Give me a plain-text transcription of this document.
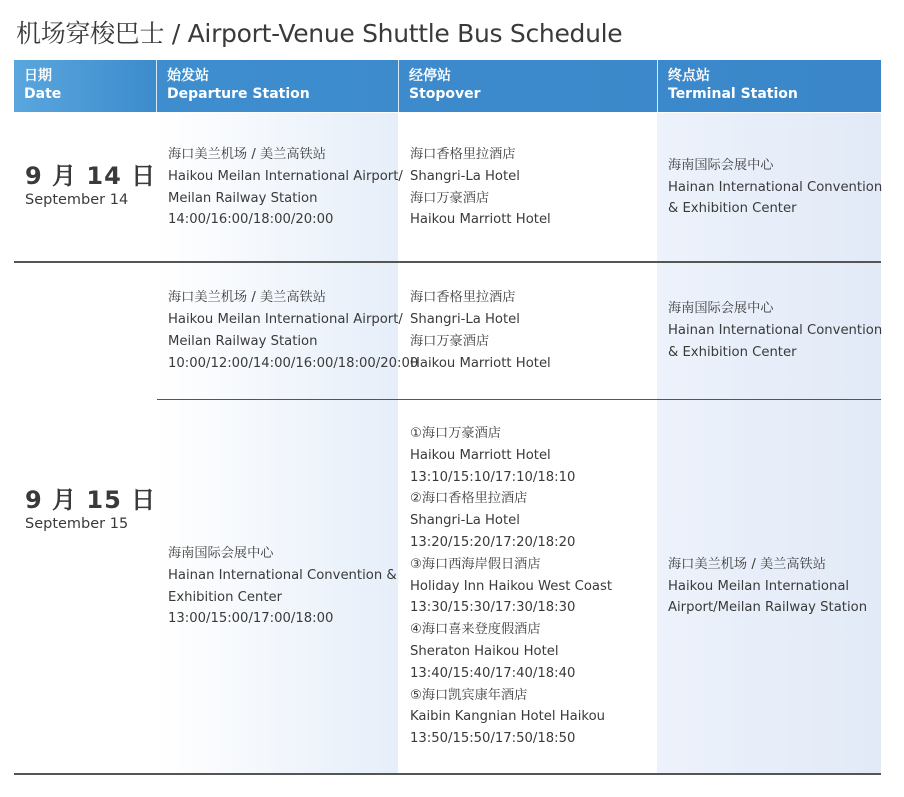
机场穿梭巴士 / Airport-Venue Shuttle Bus Schedule
日期
Date
始发站
Departure Station
经停站
Stopover
终点站
Terminal Station
9 月 14 日
September 14
海口美兰机场 / 美兰高铁站
Haikou Meilan International Airport/
Meilan Railway Station
14:00/16:00/18:00/20:00
海口香格里拉酒店
Shangri-La Hotel
海口万豪酒店
Haikou Marriott Hotel
海南国际会展中心
Hainan International Convention
& Exhibition Center
9 月 15 日
September 15
海口美兰机场 / 美兰高铁站
Haikou Meilan International Airport/
Meilan Railway Station
10:00/12:00/14:00/16:00/18:00/20:00
海口香格里拉酒店
Shangri-La Hotel
海口万豪酒店
Haikou Marriott Hotel
海南国际会展中心
Hainan International Convention
& Exhibition Center
海南国际会展中心
Hainan International Convention &
Exhibition Center
13:00/15:00/17:00/18:00
①海口万豪酒店
Haikou Marriott Hotel
13:10/15:10/17:10/18:10
②海口香格里拉酒店
Shangri-La Hotel
13:20/15:20/17:20/18:20
③海口西海岸假日酒店
Holiday Inn Haikou West Coast
13:30/15:30/17:30/18:30
④海口喜来登度假酒店
Sheraton Haikou Hotel
13:40/15:40/17:40/18:40
⑤海口凯宾康年酒店
Kaibin Kangnian Hotel Haikou
13:50/15:50/17:50/18:50
海口美兰机场 / 美兰高铁站
Haikou Meilan International
Airport/Meilan Railway Station
